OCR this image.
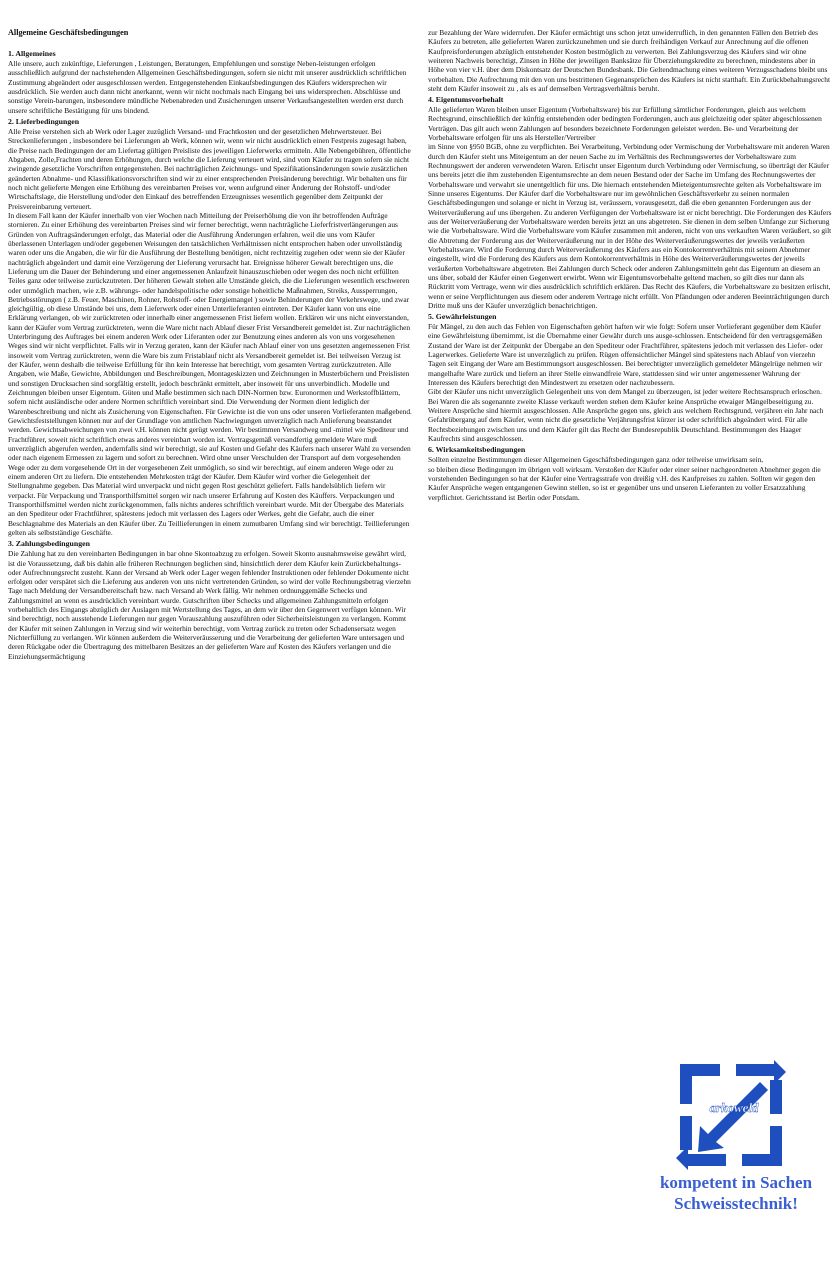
Allgemeine Geschäftsbedingungen
1. Allgemeines

Alle unsere, auch zukünftige, Lieferungen , Leistungen, Beratungen, Empfehlungen und sonstige Neben-leistungen erfolgen ausschließlich aufgrund der nachstehenden Allgemeinen Geschäftsbedingungen, sofern sie nicht mit unserer ausdrücklich schriftlichen Zustimmung abgeändert oder ausgeschlossen werden. Entgegenstehenden Einkaufsbedingungen des Käufers widersprechen wir ausdrücklich. Sie werden auch dann nicht anerkannt, wenn wir nicht nochmals nach Eingang bei uns widersprechen. Abschlüsse und sonstige Verein-barungen, insbesondere mündliche Nebenabreden und Zusicherungen unserer Verkaufsangestellten werden erst durch unsere schriftliche Bestätigung für uns bindend.

2. Lieferbedingungen

Alle Preise verstehen sich ab Werk oder Lager zuzüglich Versand- und Frachtkosten und der gesetzlichen Mehrwertsteuer. Bei Streckenlieferungen , insbesondere bei Lieferungen ab Werk, können wir, wenn wir nicht ausdrücklich einen Festpreis zugesagt haben, die Preise nach Bedingungen der am Liefertag gültigen Preisliste des jeweiligen Lieferwerks ermitteln. Alle Nebengebühren, öffentliche Abgaben, Zolle,Frachten und deren Erhöhungen, durch welche die Lieferung verteuert wird, sind vom Käufer zu tragen sofern sie nicht zwingende gesetzliche Vorschriften entgegenstehen. Bei nachträglichen Zeichnungs- und Spezifikationsänderungen sowie zusätzlichen geänderten Abnahme- und Klassifikationsvorschriften sind wir zu einer entsprechenden Preisänderung berechtigt. Wir behalten uns für noch nicht gelieferte Mengen eine Erhöhung des vereinbarten Preises vor, wenn aufgrund einer Änderung der Rohstoff- und/oder Wirtschaftslage, die Herstellung und/oder den Einkauf des betreffenden Erzeugnisses wesentlich gegenüber dem Zeitpunkt der Preisvereinbarung verteuert.

In diesem Fall kann der Käufer innerhalb von vier Wochen nach Mitteilung der Preiserhöhung die von ihr betroffenden Aufträge stornieren. Zu einer Erhöhung des vereinbarten Preises sind wir ferner berechtigt, wenn nachträgliche Lieferfristverlängerungen aus Gründen von Auftragsänderungen erfolgt, das Material oder die Ausführung Änderungen erfahren, weil die uns vom Käufer überlassenen Unterlagen und/oder gegebenen Weisungen den tatsächlichen Verhältnissen nicht entsprochen haben oder unvollständig waren oder uns die Angaben, die wir für die Ausführung der Bestellung benötigen, nicht rechtzeitig zugehen oder wenn sie der Käufer nachträglich abgeändert und damit eine Verzögerung der Lieferung verursacht hat. Ereignisse höherer Gewalt berechtigen uns, die Lieferung um die Dauer der Behinderung und einer angemessenen Anlaufzeit hinauszuschieben oder wegen des noch nicht erfüllten Teiles ganz oder teilweise zurückzutreten. Der höheren Gewalt stehen alle Umstände gleich, die die Lieferungen wesentlich erschweren oder unmöglich machen, wie z.B. währungs- oder handelspolitische oder sonstige hoheitliche Maßnahmen, Streiks, Aussperrungen, Betriebsstörungen ( z.B. Feuer, Maschinen, Rohner, Rohstoff- oder Energiemangel ) sowie Behinderungen der Verkehrswege, und zwar gleichgültig, ob diese Umstände bei uns, dem Lieferwerk oder einen Unterlieferanten eintreten. Der Käufer kann von uns eine Erklärung verlangen, ob wir zurücktreten oder innerhalb einer angemessenen Frist liefern wollen. Erklären wir uns nicht einverstanden, kann der Käufer vom Vertrag zurücktreten, wenn die Ware nicht nach Ablauf dieser Frist Versandbereit gemeldet ist. Zur nachträglichen Unterbringung des Auftrages bei einem anderen Werk oder Liferanten oder zur Benutzung eines anderen als von uns vorgesehenen Weges sind wir nicht verpflichtet. Falls wir in Verzug geraten, kann der Käufer nach Ablauf einer von uns gesetzten angemessenen Frist insoweit vom Vertrag zurücktreten, wenn die Ware bis zum Fristablauf nicht als Versandbereit gemeldet ist. Bei teilweisen Verzug ist der Käufer, wenn deshalb die teilweise Erfüllung für ihn kein Interesse hat berechtigt, vom gesamten Vertrag zurückzutreten. Alle Angaben, wie Maße, Gewichte, Abbildungen und Beschreibungen, Montageskizzen und Zeichnungen in Musterbüchern und Preislisten und sonstigen Drucksachen sind sorgfältig erstellt, jedoch beschränkt ermittelt, aber insoweit für uns unverbindlich. Modelle und Zeichnungen bleiben unser Eigentum. Güten und Maße bestimmen sich nach DIN-Normen bzw. Euronormen und Werkstoffblättern, sofern nicht ausländische oder andere Normen schriftlich vereinbart sind. Die Verwendung der Normen dient lediglich der Warenbeschreibung und nicht als Zusicherung von Eigenschaften. Für Gewichte ist die von uns oder unseren Vorlieferanten maßgebend. Gewichtsfeststellungen können nur auf der Grundlage von amtlichen Nachwiegungen unverzüglich nach Anlieferung beanstandet werden. Gewichtsabweichungen von zwei v.H. können nicht gerügt werden. Wir bestimmen Versandweg und -mittel wie Spediteur und Frachtführer, soweit nicht schriftlich etwas anderes vereinbart worden ist. Vertragsgemäß versandfertig gemeldete Ware muß unverzüglich abgerufen werden, andernfalls sind wir berechtigt, sie auf Kosten und Gefahr des Käufers nach unserer Wahl zu versenden oder nach eigenem Ermessen zu lagern und sofort zu berechnen. Wird ohne unser Verschulden der Transport auf dem vorgesehenden Wege oder zu dem vorgesehende Ort in der vorgesehenen Zeit unmöglich, so sind wir berechtigt, auf einem anderen Wege oder zu einem anderen Ort zu liefern. Die entstehenden Mehrkosten trägt der Käufer. Dem Käufer wird vorher die Gelegenheit der Stellungnahme gegeben. Das Material wird unverpackt und nicht gegen Rost geschützt geliefert. Falls handelsüblich liefern wir verpackt. Für Verpackung und Transporthilfsmittel sorgen wir nach unserer Erfahrung auf Kosten des Käuffers. Verpackungen und Transporthilfsmittel werden nicht zurückgenommen, falls nichts anderes schriftlich vereinbart wurde. Mit der Übergabe des Materials an den Spediteur oder Frachtführer, spätestens jedoch mit verlassen des Lagers oder Werkes, geht die Gefahr, auch die einer Beschlagnahme des Materials an den Käufer über. Zu Teillieferungen in einem zumutbaren Umfang sind wir berechtigt. Teillieferungen gelten als selbstständige Geschäfte.

3. Zahlungsbedingungen

Die Zahlung hat zu den vereinbarten Bedingungen in bar ohne Skontoabzug zu erfolgen. Soweit Skonto ausnahmsweise gewährt wird, ist die Voraussetzung, daß bis dahin alle früheren Rechnungen beglichen sind, hinsichtlich derer dem Käufer kein Zurückbehaltungs- oder Aufrechnungsrecht zusteht. Kann der Versand ab Werk oder Lager wegen fehlender Instruktionen oder fehlender Dokumente nicht erfolgen oder verspätet sich die Lieferung aus anderen von uns nicht vertretenden Gründen, so wird der volle Rechnungsbetrag vierzehn Tage nach Meldung der Versandbereitschaft bzw. nach Versand ab Werk fällig. Wir nehmen ordnunggemäße Schecks und Zahlungsmittel an wenn es ausdrücklich vereinbart wurde. Gutschriften über Schecks und allgemeinen Zahlungsmitteln erfolgen vorbehaltlich des Eingangs abzüglich der Auslagen mit Wertstellung des Tages, an dem wir über den Gegenwert verfügen können. Wir sind berechtigt, noch ausstehende Lieferungen nur gegen Vorauszahlung auszuführen oder Sicherheitsleistungen zu verlangen. Kommt der Käufer mit seinen Zahlungen in Verzug sind wir weiterhin berechtigt, vom Vertrag zurück zu treten oder Schadensersatz wegen Nichterfüllung zu verlangen. Wir können außerdem die Weiterveräusserung und die Verarbeitung der gelieferten Ware untersagen und deren Rückgabe oder die Übertragung des mittelbaren Besitzes an der gelieferten Ware auf Kosten des Käufers verlangen und die Einziehungsermächtigung

zur Bezahlung der Ware widerrufen. Der Käufer ermächtigt uns schon jetzt unwiderruflich, in den genannten Fällen den Betrieb des Käufers zu betreten, alle gelieferten Waren zurückzunehmen und sie durch freihändigen Verkauf zur Anrechnung auf die offenen Kaufpreisforderungen abzüglich entstehender Kosten bestmöglich zu verwerten. Bei Zahlungsverzug des Käufers sind wir ohne weiteren Nachweis berechtigt, Zinsen in Höhe der jeweiligen Banksätze für Überziehungskredite zu berechnen, mindestens aber in Höhe von vier v.H. über dem Diskontsatz der Deutschen Bundesbank. Die Geltendmachung eines weiteren Verzugsschadens bleibt uns vorbehalten. Die Aufrechnung mit den von uns bestrittenen Gegenansprüchen des Käufers ist nicht statthaft. Ein Zurückbehaltungsrecht steht dem Käufer insoweit zu , als es auf demselben Vertragsverhältnis beruht.

4. Eigentumsvorbehalt

Alle gelieferten Waren bleiben unser Eigentum (Vorbehaltsware) bis zur Erfüllung sämtlicher Forderungen, gleich aus welchem Rechtsgrund, einschließlich der künftig entstehenden oder bedingten Forderungen, auch aus gleichzeitig oder später abgeschlossenen Verträgen. Das gilt auch wenn Zahlungen auf besonders bezeichnete Forderungen geleistet werden. Be- und Verarbeitung der Vorbehaltsware erfolgen für uns als Hersteller/Vertreiber

im Sinne von §950 BGB, ohne zu verpflichten. Bei Verarbeitung, Verbindung oder Vermischung der Vorbehaltsware mit anderen Waren durch den Käufer steht uns Miteigentum an der neuen Sache zu im Verhältnis des Rechnungswertes der Vorbehaltsware zum Rechnungswert der anderen verwendeten Waren. Erlischt unser Eigentum durch Verbindung oder Vermischung, so überträgt der Käufer uns bereits jetzt die ihm zustehenden Eigentumsrechte an dem neuen Bestand oder der Sache im Umfang des Rechnungswertes der Vorbehaltsware und verwahrt sie unentgeltlich für uns. Die hiernach entstehenden Mieteigentumsrechte gelten als Vorbehaltsware im Sinne unseres Eigentums. Der Käufer darf die Vorbehaltsware nur im gewöhnlichen Geschäftsverkehr zu seinen normalen Geschäftsbedingungen und solange er nicht in Verzug ist, veräussern, vorausgesetzt, daß die eben genannten Forderungen aus der Weiterveräußerung auf uns übergehen. Zu anderen Verfügungen der Vorbehaltsware ist er nicht berechtigt. Die Forderungen des Käufers aus der Weiterveräußerung der Vorbehaltsware werden bereits jetzt an uns abgetreten. Sie dienen in dem selben Umfange zur Sicherung wie die Vorbehaltsware. Wird die Vorbehaltsware vom Käufer zusammen mit anderen, nicht von uns verkauften Waren veräußert, so gilt die Abtretung der Forderung aus der Weiterveräußerung nur in der Höhe des Weiterveräußerungswertes der jeweils veräußerten Vorbehaltsware. Wird die Forderung durch Weiterveräußerung des Käufers aus ein Kontokorrentverhältnis mit seinem Abnehmer eingestellt, wird die Forderung des Käufers aus dem Kontokorrentverhältnis in Höhe des Weiterveräußerungswertes der jeweils veräußerten Vorbehaltsware abgetreten. Bei Zahlungen durch Scheck oder anderen Zahlungsmitteln geht das Eigentum an diesem an uns über, sobald der Käufer einen Gegenwert erwirbt. Wenn wir Eigentumsvorbehalte geltend machen, so gilt dies nur dann als Rücktritt vom Vertrage, wenn wir dies ausdrücklich schriftlich erklären. Das Recht des Käufers, die Vorbehaltsware zu besitzen erlischt, wenn er seine Verpflichtungen aus diesem oder anderem Vertrage nicht erfüllt. Von Pfändungen oder anderen Beeinträchtigungen durch Dritte muß uns der Käufer unverzüglich benachrichtigen.

5. Gewährleistungen

Für Mängel, zu den auch das Fehlen von Eigenschaften gehört haften wir wie folgt: Sofern unser Vorlieferant gegenüber dem Käufer eine Gewährleistung übernimmt, ist die Übernahme einer Gewähr durch uns ausge-schlossen. Entscheidend für den vertragsgemäßen Zustand der Ware ist der Zeitpunkt der Übergabe an den Spediteur oder Frachtführer, spätestens jedoch mit verlassen des Liefer- oder Lagerwerkes. Gelieferte Ware ist unverzüglich zu prüfen. Rügen offensichtlicher Mängel sind spätestens nach Ablauf von vierzehn Tagen seit Eingang der Ware am Bestimmungsort ausgeschlossen. Bei berechtigter unverzüglich gemeldeter Mängelrüge nehmen wir mangelhafte Ware zurück und liefern an ihrer Stelle einwandfreie Ware, stattdessen sind wir unter angemessener Wahrung der Interessen des Käufers berechtigt den Mindestwert zu ersetzen oder nachzubessern.

Gibt der Käufer uns nicht unverzüglich Gelegenheit uns von dem Mangel zu überzeugen, ist jeder weitere Rechtsanspruch erloschen. Bei Waren die als sogenannte zweite Klasse verkauft werden stehen dem Käufer keine Ansprüche etwaiger Mängelbeseitigung zu. Weitere Ansprüche sind hiermit ausgeschlossen. Alle Ansprüche gegen uns, gleich aus welchem Rechtsgrund, verjähren ein Jahr nach Gefahrübergang auf dem Käufer, wenn nicht die gesetzliche Verjährungsfrist kürzer ist oder schriftlich abgeändert wird. Für alle Rechtsbeziehungen zwischen uns und dem Käufer gilt das Recht der Bundesrepublik Deutschland. Bestimmungen des Haager Kaufrechts sind ausgeschlossen.

6. Wirksamkeitsbedingungen

Sollten einzelne Bestimmungen dieser Allgemeinen Ggeschäftsbedingungen ganz oder teilweise unwirksam sein,

so bleiben diese Bedingungen im übrigen voll wirksam. Verstoßen der Käufer oder einer seiner nachgeordneten Abnehmer gegen die vorstehenden Bedingungen so hat der Käufer eine Vertragsstrafe von dreißig v.H. des Kaufpreises zu zahlen. Sollten wir gegen den Käufer Ansprüche wegen entgangenen Gewinn stellen, so ist er gegenüber uns und unseren Lieferanten zu voller Ersatzzahlung verpflichtet. Gerichtsstand ist Berlin oder Potsdam.

arkoweld
kompetent in Sachen
Schweisstechnik!
